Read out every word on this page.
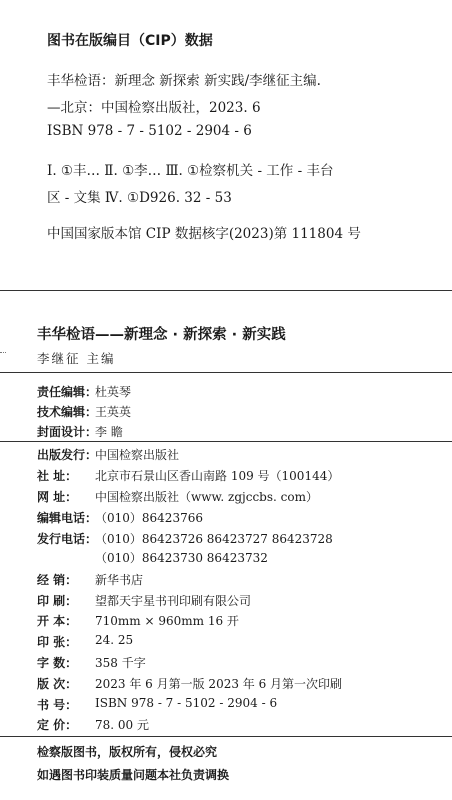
图书在版编目（CIP）数据
丰华检语：新理念 新探索 新实践/李继征主编.
—北京：中国检察出版社，2023. 6
ISBN 978 - 7 - 5102 - 2904 - 6
Ⅰ. ①丰… Ⅱ. ①李… Ⅲ. ①检察机关 - 工作 - 丰台
区 - 文集 Ⅳ. ①D926. 32 - 53
中国国家版本馆 CIP 数据核字(2023)第 111804 号
丰华检语——新理念 · 新探索 · 新实践
李继征 主编
责任编辑：
杜英琴
技术编辑：
王英英
封面设计：
李 瞻
出版发行：
中国检察出版社
社 址：	北京市石景山区香山南路 109 号（100144）
网 址：	中国检察出版社（www. zgjccbs. com）
编辑电话：
（010）86423766
发行电话：
（010）86423726 86423727 86423728
（010）86423730 86423732
经 销：	新华书店
印 刷：	望都天宇星书刊印刷有限公司
开 本：	710mm × 960mm 16 开
印 张：	24. 25
字 数：	358 千字
版 次：	2023 年 6 月第一版 2023 年 6 月第一次印刷
书 号：	ISBN 978 - 7 - 5102 - 2904 - 6
定 价：	78. 00 元
检察版图书，版权所有，侵权必究
如遇图书印装质量问题本社负责调换
